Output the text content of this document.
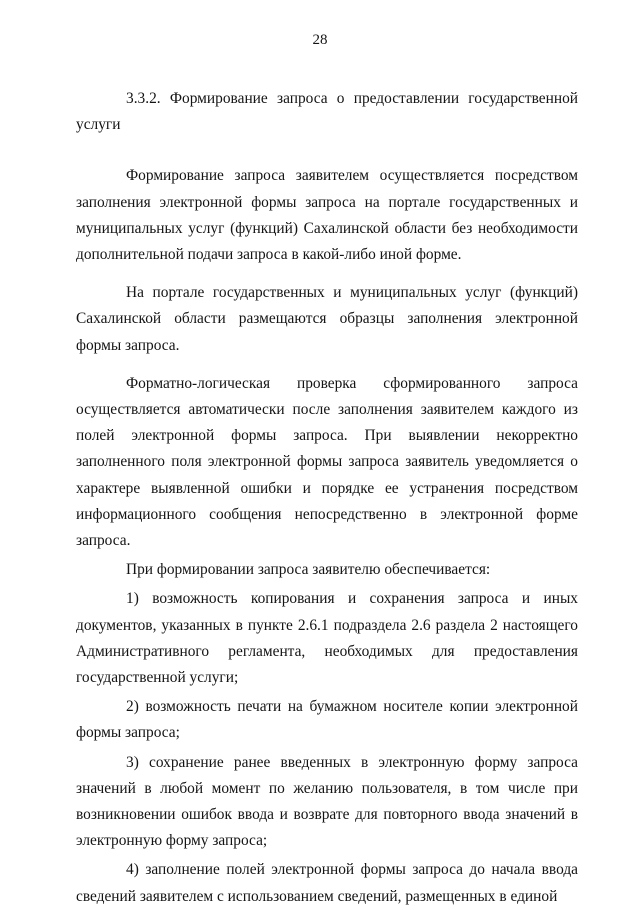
28

3.3.2. Формирование запроса о предоставлении государственной услуги

Формирование запроса заявителем осуществляется посредством заполнения электронной формы запроса на портале государственных и муниципальных услуг (функций) Сахалинской области без необходимости дополнительной подачи запроса в какой-либо иной форме.

На портале государственных и муниципальных услуг (функций) Сахалинской области размещаются образцы заполнения электронной формы запроса.

Форматно-логическая проверка сформированного запроса осуществляется автоматически после заполнения заявителем каждого из полей электронной формы запроса. При выявлении некорректно заполненного поля электронной формы запроса заявитель уведомляется о характере выявленной ошибки и порядке ее устранения посредством информационного сообщения непосредственно в электронной форме запроса.

При формировании запроса заявителю обеспечивается:

1) возможность копирования и сохранения запроса и иных документов, указанных в пункте 2.6.1 подраздела 2.6 раздела 2 настоящего Административного регламента, необходимых для предоставления государственной услуги;

2) возможность печати на бумажном носителе копии электронной формы запроса;

3) сохранение ранее введенных в электронную форму запроса значений в любой момент по желанию пользователя, в том числе при возникновении ошибок ввода и возврате для повторного ввода значений в электронную форму запроса;

4) заполнение полей электронной формы запроса до начала ввода сведений заявителем с использованием сведений, размещенных в единой
